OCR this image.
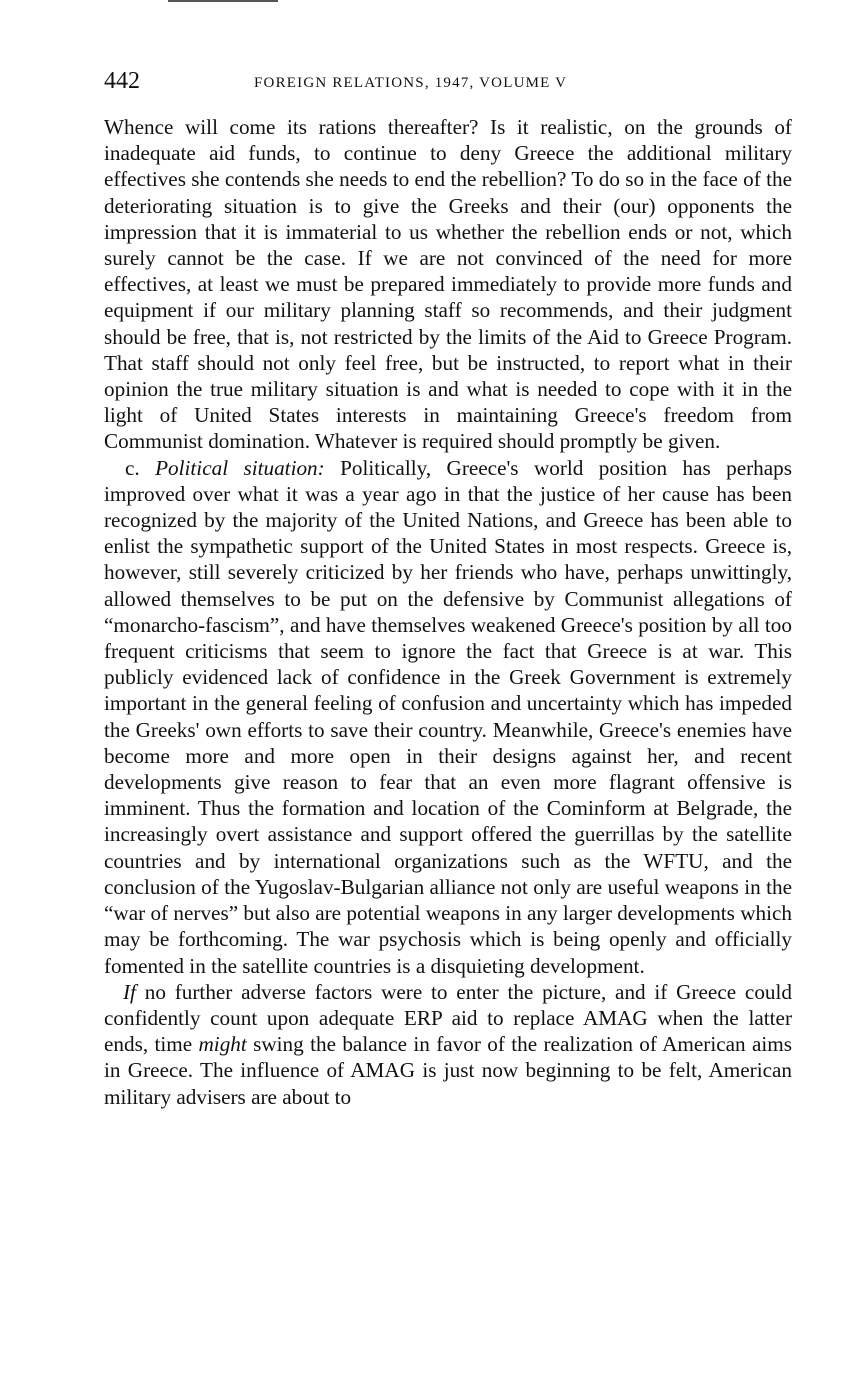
442	FOREIGN RELATIONS, 1947, VOLUME V

Whence will come its rations thereafter? Is it realistic, on the grounds of inadequate aid funds, to continue to deny Greece the additional military effectives she contends she needs to end the rebellion? To do so in the face of the deteriorating situation is to give the Greeks and their (our) opponents the impression that it is immaterial to us whether the rebellion ends or not, which surely cannot be the case. If we are not convinced of the need for more effectives, at least we must be prepared immediately to provide more funds and equipment if our military planning staff so recommends, and their judgment should be free, that is, not restricted by the limits of the Aid to Greece Program. That staff should not only feel free, but be instructed, to report what in their opinion the true military situation is and what is needed to cope with it in the light of United States interests in maintaining Greece's freedom from Communist domination. Whatever is required should promptly be given.

c. Political situation: Politically, Greece's world position has perhaps improved over what it was a year ago in that the justice of her cause has been recognized by the majority of the United Nations, and Greece has been able to enlist the sympathetic support of the United States in most respects. Greece is, however, still severely criticized by her friends who have, perhaps unwittingly, allowed themselves to be put on the defensive by Communist allegations of “monarcho-fascism”, and have themselves weakened Greece's position by all too frequent criticisms that seem to ignore the fact that Greece is at war. This publicly evidenced lack of confidence in the Greek Government is extremely important in the general feeling of confusion and uncertainty which has impeded the Greeks' own efforts to save their country. Meanwhile, Greece's enemies have become more and more open in their designs against her, and recent developments give reason to fear that an even more flagrant offensive is imminent. Thus the formation and location of the Cominform at Belgrade, the increasingly overt assistance and support offered the guerrillas by the satellite countries and by international organizations such as the WFTU, and the conclusion of the Yugoslav-Bulgarian alliance not only are useful weapons in the “war of nerves” but also are potential weapons in any larger developments which may be forthcoming. The war psychosis which is being openly and officially fomented in the satellite countries is a disquieting development.

If no further adverse factors were to enter the picture, and if Greece could confidently count upon adequate ERP aid to replace AMAG when the latter ends, time might swing the balance in favor of the realization of American aims in Greece. The influence of AMAG is just now beginning to be felt, American military advisers are about to
